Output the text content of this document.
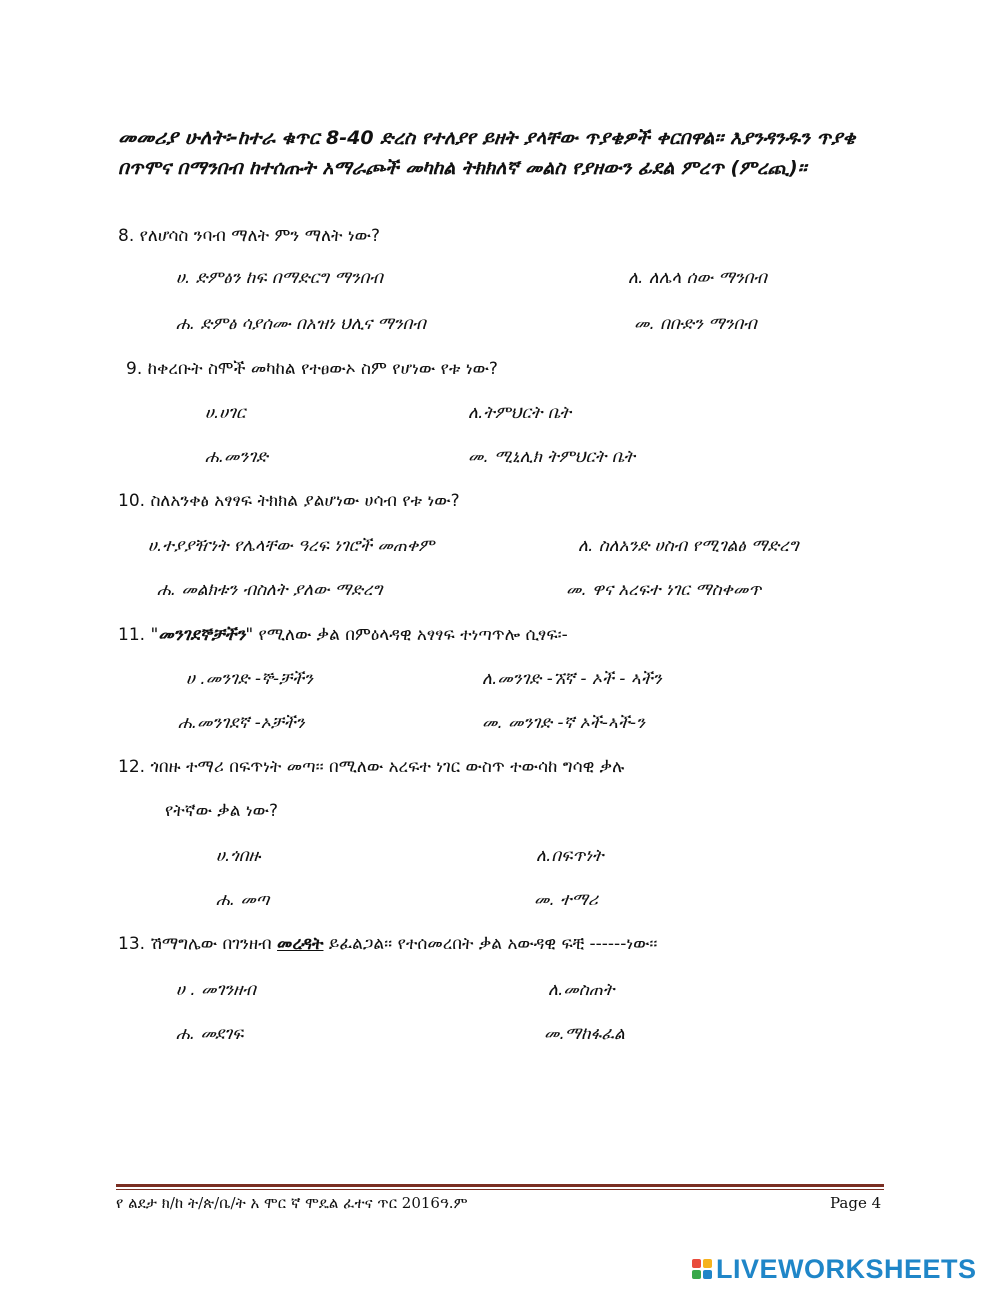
መመሪያ ሁለት፡-ከተራ ቁጥር 8-40 ድረስ የተለያየ ይዘት ያላቸው ጥያቄዎች ቀርበዋል፡፡ እያንዳንዱን ጥያቄ በጥሞና በማንበብ ከተሰጡት አማራጮች መካከል ትክክለኛ መልስ የያዘውን ፊደል ምረጥ (ምረጪ)፡፡
8. የለሆሳስ ንባብ ማለት ምን ማለት ነው?
ሀ. ድምፅን ከፍ በማድርግ ማንበብ	ለ. ለሌላ ሰው ማንበብ
ሐ. ድምፅ ሳያሰሙ በአዝነ ህሊና ማንበብ	መ. በቡድን ማንበብ
9. ከቀረቡት ስሞች መካከል የተፀውኦ ስም የሆነው የቱ ነው?
ሀ.ሀገር	ለ.ትምህርት ቤት
ሐ.መንገድ	መ. ሚኒሊክ ትምህርት ቤት
10. ስለአንቀፅ አፃፃፍ ትክክል ያልሆነው ሀሳብ የቱ ነው?
ሀ.ተያያዥነት የሌላቸው ዓረፍ ነገሮች መጠቀም	ለ. ስለአንድ ሀስብ የሚገልፅ ማድረግ
ሐ. መልክቱን ብስለት ያለው ማድረግ	መ. ዋና አረፍተ ነገር ማስቀመጥ
11. "መንገደኞቻችን" የሚለው ቃል በምዕላዳዊ አፃፃፍ ተነጣጥሎ ሲፃፍ፡-
ሀ .መንገድ -ኞ-ቻችን	ለ.መንገድ -ኧኛ - ኦች - ኣችን
ሐ.መንገደኛ -ኦቻችን	መ. መንገድ -ኛ ኦች-ኣች-ን
12. ጎበዙ ተማሪ በፍጥነት መጣ፡፡ በሚለው አረፍተ ነገር ውስጥ ተውሳከ ግሳዊ ቃሉ
የትኛው ቃል ነው?
ሀ.ጎበዙ	ለ.በፍጥነት
ሐ. መጣ	መ. ተማሪ
13. ሽማግሌው በገንዘብ መረዳት ይፈልጋል፡፡ የተሰመረበት ቃል አውዳዊ ፍቺ ------ነው፡፡
ሀ . መገንዘብ	ለ.መስጠት
ሐ. መደገፍ	መ.ማከፋፈል
የ ልደታ ክ/ከ ት/ጵ/ቤ/ት አ ሞር ኛ ሞዴል ፈተና ጥር 2016ዓ.ም	Page 4
LIVEWORKSHEETS
